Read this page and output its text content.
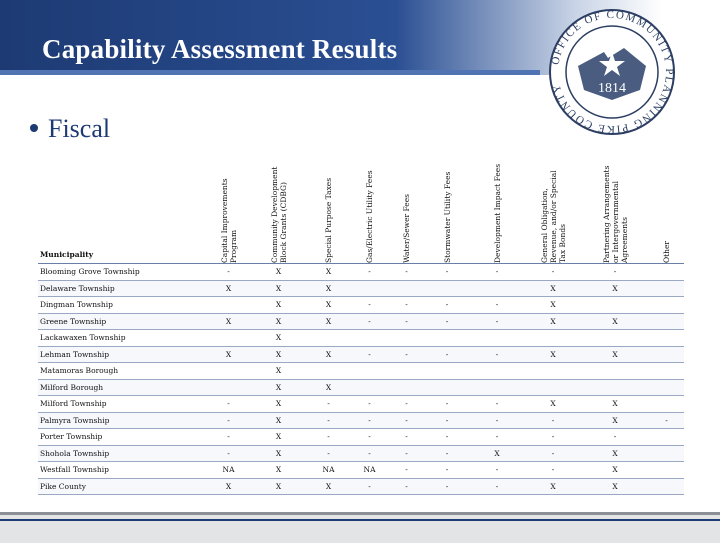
Capability Assessment Results	OFFICE OF COMMUNITY PLANNING PIKE COUNTY	1814
Fiscal
Municipality	Capital Improvements Program	Community Development Block Grants (CDBG)	Special Purpose Taxes	Gas/Electric Utility Fees	Water/Sewer Fees	Stormwater Utility Fees	Development Impact Fees	General Obligation, Revenue, and/or Special Tax Bonds	Partnering Arrangements or Intergovernmental Agreements	Other

Blooming Grove Township	-	X	X	-	-	-	-	-	-	
Delaware Township	X	X	X					X	X	
Dingman Township		X	X	-	-	-	-	X		
Greene Township	X	X	X	-	-	-	-	X	X	
Lackawaxen Township		X								
Lehman Township	X	X	X	-	-	-	-	X	X	
Matamoras Borough		X								
Milford Borough		X	X							
Milford Township	-	X	-	-	-	-	-	X	X	
Palmyra Township	-	X	-	-	-	-	-	-	X	-
Porter Township	-	X	-	-	-	-	-	-	-	
Shohola Township	-	X	-	-	-	-	X	-	X	
Westfall Township	NA	X	NA	NA	-	-	-	-	X	
Pike County	X	X	X	-	-	-	-	X	X	
